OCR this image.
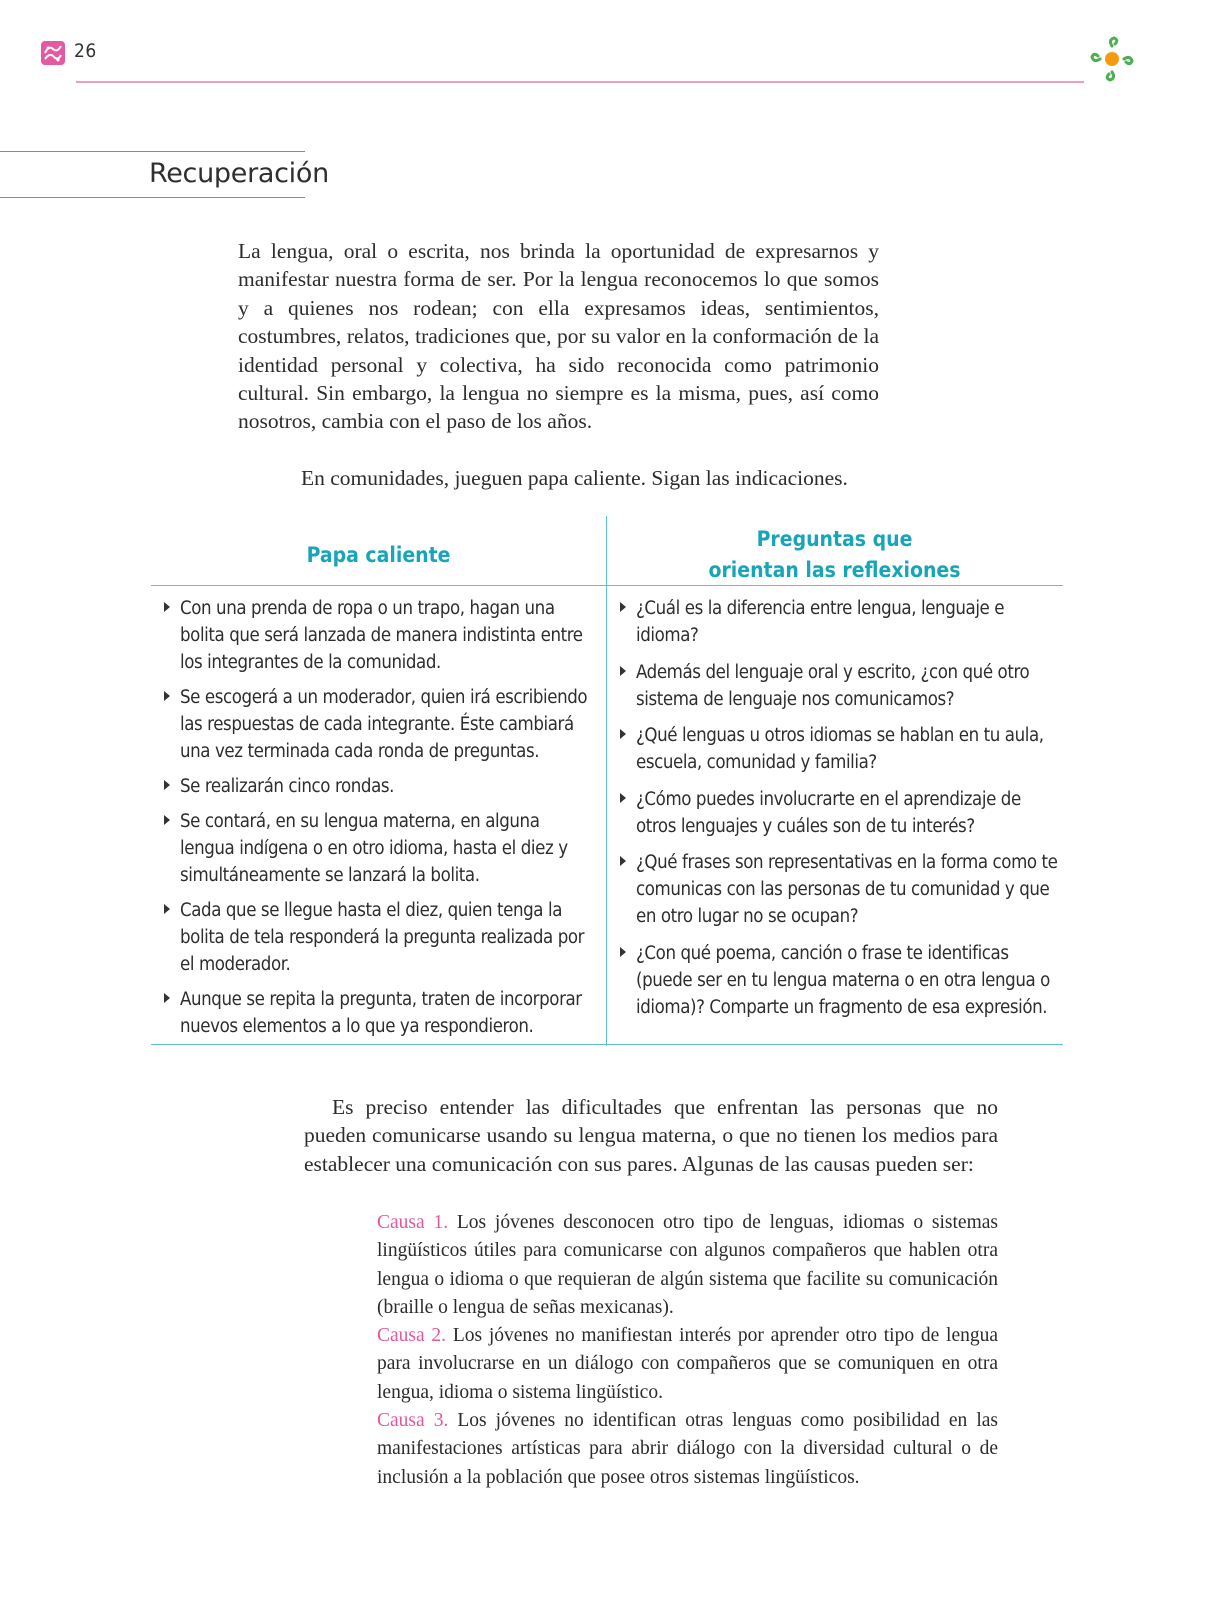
26
Recuperación
La lengua, oral o escrita, nos brinda la oportunidad de expresarnos y manifestar nuestra forma de ser. Por la lengua reconocemos lo que somos y a quienes nos rodean; con ella expresamos ideas, sentimientos, costumbres, relatos, tradiciones que, por su valor en la conformación de la identidad personal y colectiva, ha sido reconocida como patrimonio cultural. Sin embargo, la lengua no siempre es la misma, pues, así como nosotros, cambia con el paso de los años.
En comunidades, jueguen papa caliente. Sigan las indicaciones.
Papa caliente
Preguntas que
orientan las reflexiones
Con una prenda de ropa o un trapo, hagan una bolita que será lanzada de manera indistinta entre los integrantes de la comunidad.
Se escogerá a un moderador, quien irá escribiendo las respuestas de cada integrante. Éste cambiará una vez terminada cada ronda de preguntas.
Se realizarán cinco rondas.
Se contará, en su lengua materna, en alguna lengua indígena o en otro idioma, hasta el diez y simultáneamente se lanzará la bolita.
Cada que se llegue hasta el diez, quien tenga la bolita de tela responderá la pregunta realizada por el moderador.
Aunque se repita la pregunta, traten de incorporar nuevos elementos a lo que ya respondieron.
¿Cuál es la diferencia entre lengua, lenguaje e idioma?
Además del lenguaje oral y escrito, ¿con qué otro sistema de lenguaje nos comunicamos?
¿Qué lenguas u otros idiomas se hablan en tu aula, escuela, comunidad y familia?
¿Cómo puedes involucrarte en el aprendizaje de otros lenguajes y cuáles son de tu interés?
¿Qué frases son representativas en la forma como te comunicas con las personas de tu comunidad y que en otro lugar no se ocupan?
¿Con qué poema, canción o frase te identificas (puede ser en tu lengua materna o en otra lengua o idioma)? Comparte un fragmento de esa expresión.
Es preciso entender las dificultades que enfrentan las personas que no pueden comunicarse usando su lengua materna, o que no tienen los medios para establecer una comunicación con sus pares. Algunas de las causas pueden ser:
Causa 1. Los jóvenes desconocen otro tipo de lenguas, idiomas o sistemas lingüísticos útiles para comunicarse con algunos compañeros que hablen otra lengua o idioma o que requieran de algún sistema que facilite su comunicación (braille o lengua de señas mexicanas).
Causa 2. Los jóvenes no manifiestan interés por aprender otro tipo de lengua para involucrarse en un diálogo con compañeros que se comuniquen en otra lengua, idioma o sistema lingüístico.
Causa 3. Los jóvenes no identifican otras lenguas como posibilidad en las manifestaciones artísticas para abrir diálogo con la diversidad cultural o de inclusión a la población que posee otros sistemas lingüísticos.
